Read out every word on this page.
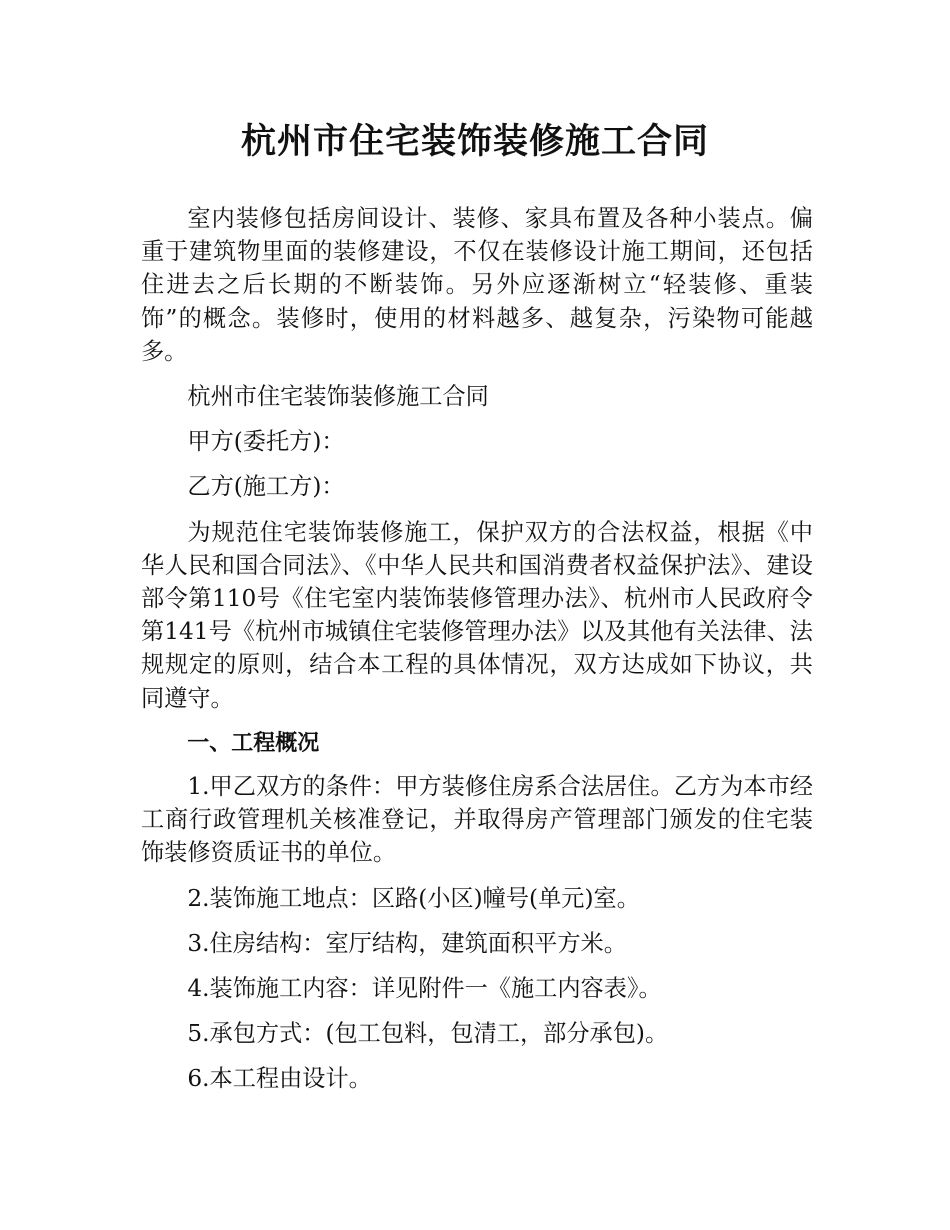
杭州市住宅装饰装修施工合同

室内装修包括房间设计、装修、家具布置及各种小装点。偏重于建筑物里面的装修建设，不仅在装修设计施工期间，还包括住进去之后长期的不断装饰。另外应逐渐树立“轻装修、重装饰”的概念。装修时，使用的材料越多、越复杂，污染物可能越多。

杭州市住宅装饰装修施工合同

甲方(委托方)：

乙方(施工方)：

为规范住宅装饰装修施工，保护双方的合法权益，根据《中华人民和国合同法》、《中华人民共和国消费者权益保护法》、建设部令第110号《住宅室内装饰装修管理办法》、杭州市人民政府令第141号《杭州市城镇住宅装修管理办法》以及其他有关法律、法规规定的原则，结合本工程的具体情况，双方达成如下协议，共同遵守。

一、工程概况

1.甲乙双方的条件：甲方装修住房系合法居住。乙方为本市经工商行政管理机关核准登记，并取得房产管理部门颁发的住宅装饰装修资质证书的单位。

2.装饰施工地点：区路(小区)幢号(单元)室。

3.住房结构：室厅结构，建筑面积平方米。

4.装饰施工内容：详见附件一《施工内容表》。

5.承包方式：(包工包料，包清工，部分承包)。

6.本工程由设计。
